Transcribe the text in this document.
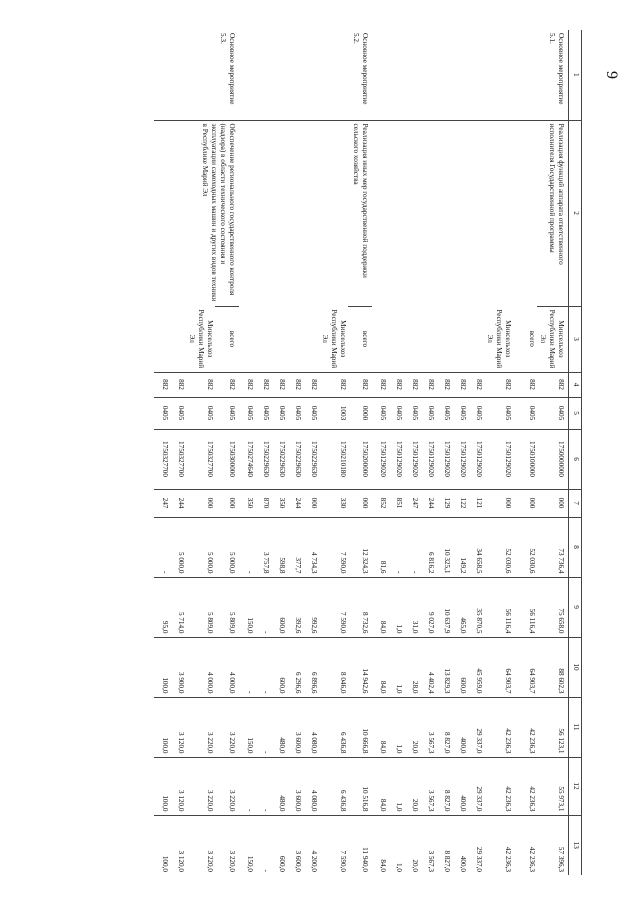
9
1	2	3	4	5	6	7	8	9	10	11	12	13
Основное мероприятие 5.1.	Реализация функций аппарата ответственного исполнителя Государственной программы	Минсельхоз Республики Марий Эл	882	0405	1750000000	000	73 736,4	75 658,0	88 602,3	56 123,1	55 973,1	57 396,3
		всего	882	0405	1750100000	000	52 030,6	56 116,4	64 903,7	42 236,3	42 236,3	42 236,3
		Минсельхоз Республики Марий Эл	882	0405	1750129020	000	52 030,6	56 116,4	64 903,7	42 236,3	42 236,3	42 236,3
			882	0405	1750129020	121	34 658,5	35 870,5	45 959,0	29 337,0	29 337,0	29 337,0
			882	0405	1750129020	122	149,2	465,0	600,0	400,0	400,0	400,0
			882	0405	1750129020	129	10 325,1	10 637,9	13 829,3	8 827,0	8 827,0	8 827,0
			882	0405	1750129020	244	6 816,2	9 027,0	4 402,4	3 567,3	3 567,3	3 567,3
			882	0405	1750129020	247	-	31,0	28,0	20,0	20,0	20,0
			882	0405	1750129020	851	-	1,0	1,0	1,0	1,0	1,0
			882	0405	1750129020	852	81,6	84,0	84,0	84,0	84,0	84,0
Основное мероприятие 5.2.	Реализация иных мер государственной поддержки сельского хозяйства	всего	882	0000	1750200000	000	12 324,3	8 732,6	14 942,6	10 666,8	10 516,8	11 940,0
		Минсельхоз Республики Марий Эл	882	1003	1750210180	330	7 590,0	7 590,0	8 046,0	6 436,8	6 436,8	7 590,0
			882	0405	1750229630	000	4 734,3	992,6	6 896,6	4 080,0	4 080,0	4 200,0
			882	0405	1750229630	244	377,7	392,6	6 296,6	3 600,0	3 600,0	3 600,0
			882	0405	1750229630	350	598,8	600,0	600,0	480,0	480,0	600,0
			882	0405	1750229630	870	3 757,8	-	-	-	-	-
			882	0405	1750274640	350	-	150,0	-	150,0	-	150,0
Основное мероприятие 5.3.	Обеспечение регионального государственного контроля (надзора) в области технического состояния и эксплуатации самоходных машин и других видов техники в Республике Марий Эл	всего	882	0405	1750300000	000	5 000,0	5 809,0	4 000,0	3 220,0	3 220,0	3 220,0
		Минсельхоз Республики Марий Эл	882	0405	1750327700	000	5 000,0	5 809,0	4 000,0	3 220,0	3 220,0	3 220,0
			882	0405	1750327700	244	5 000,0	5 714,0	3 900,0	3 120,0	3 120,0	3 120,0
			882	0405	1750327700	247	-	95,0	100,0	100,0	100,0	100,0
